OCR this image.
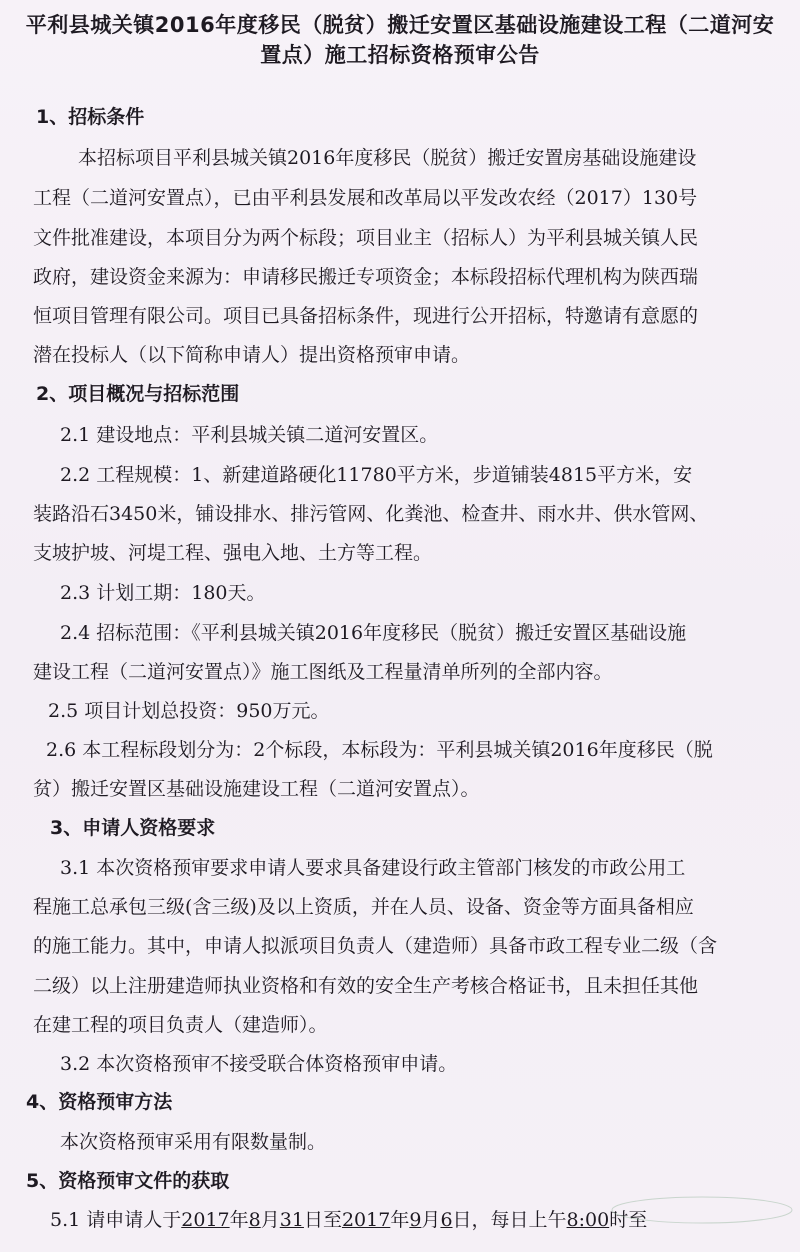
平利县城关镇2016年度移民（脱贫）搬迁安置区基础设施建设工程（二道河安
置点）施工招标资格预审公告
1、招标条件
本招标项目平利县城关镇2016年度移民（脱贫）搬迁安置房基础设施建设
工程（二道河安置点），已由平利县发展和改革局以平发改农经（2017）130号
文件批准建设，本项目分为两个标段；项目业主（招标人）为平利县城关镇人民
政府，建设资金来源为：申请移民搬迁专项资金；本标段招标代理机构为陕西瑞
恒项目管理有限公司。项目已具备招标条件，现进行公开招标，特邀请有意愿的
潜在投标人（以下简称申请人）提出资格预审申请。
2、项目概况与招标范围
2.1 建设地点：平利县城关镇二道河安置区。
2.2 工程规模：1、新建道路硬化11780平方米，步道铺装4815平方米，安
装路沿石3450米，铺设排水、排污管网、化粪池、检查井、雨水井、供水管网、
支坡护坡、河堤工程、强电入地、土方等工程。
2.3 计划工期：180天。
2.4 招标范围：《平利县城关镇2016年度移民（脱贫）搬迁安置区基础设施
建设工程（二道河安置点）》施工图纸及工程量清单所列的全部内容。
2.5 项目计划总投资：950万元。
2.6 本工程标段划分为：2个标段，本标段为：平利县城关镇2016年度移民（脱
贫）搬迁安置区基础设施建设工程（二道河安置点）。
3、申请人资格要求
3.1 本次资格预审要求申请人要求具备建设行政主管部门核发的市政公用工
程施工总承包三级(含三级)及以上资质，并在人员、设备、资金等方面具备相应
的施工能力。其中，申请人拟派项目负责人（建造师）具备市政工程专业二级（含
二级）以上注册建造师执业资格和有效的安全生产考核合格证书，且未担任其他
在建工程的项目负责人（建造师）。
3.2 本次资格预审不接受联合体资格预审申请。
4、资格预审方法
本次资格预审采用有限数量制。
5、资格预审文件的获取
5.1 请申请人于2017年8月31日至2017年9月6日，每日上午8:00时至
